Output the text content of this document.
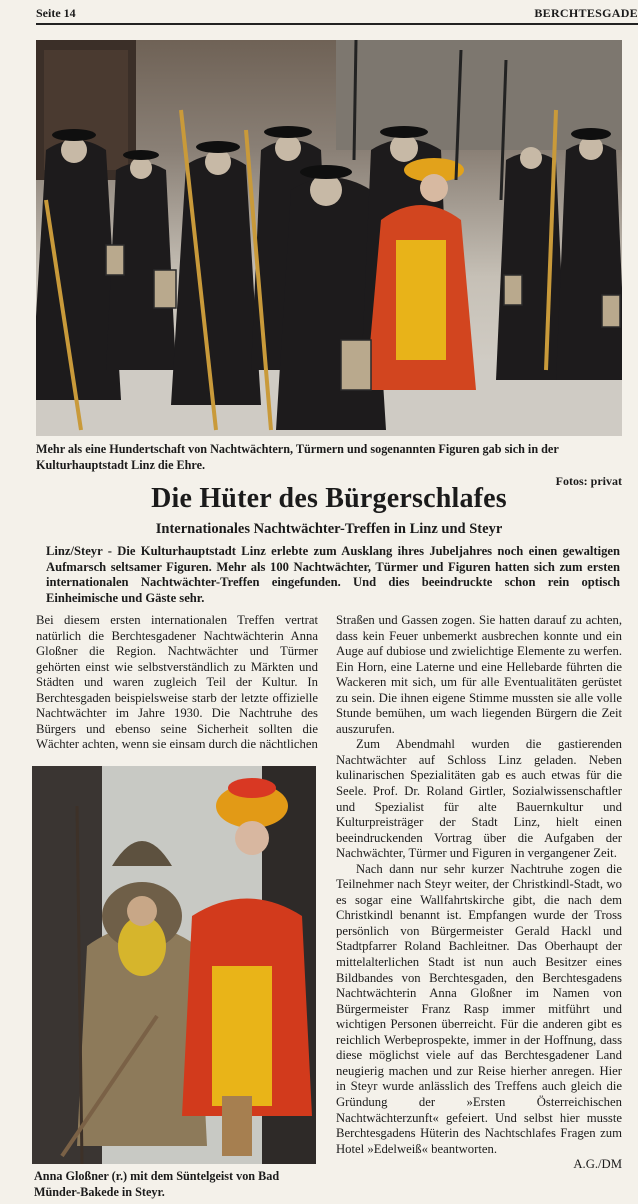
Seite 14	BERCHTESGADE
Mehr als eine Hundertschaft von Nachtwächtern, Türmern und sogenannten Figuren gab sich in der Kulturhauptstadt Linz die Ehre.
Fotos: privat
Die Hüter des Bürgerschlafes
Internationales Nachtwächter-Treffen in Linz und Steyr
Linz/Steyr - Die Kulturhauptstadt Linz erlebte zum Ausklang ihres Jubeljahres noch einen gewaltigen Aufmarsch seltsamer Figuren. Mehr als 100 Nachtwächter, Türmer und Figuren hatten sich zum ersten internationalen Nachtwächter-Treffen eingefunden. Und dies beeindruckte schon rein optisch Einheimische und Gäste sehr.

Bei diesem ersten internationalen Treffen vertrat natürlich die Berchtesgadener Nachtwächterin Anna Gloßner die Region. Nachtwächter und Türmer gehörten einst wie selbstverständlich zu Märkten und Städten und waren zugleich Teil der Kultur. In Berchtesgaden beispielsweise starb der letzte offizielle Nachtwächter im Jahre 1930. Die Nachtruhe des Bürgers und ebenso seine Sicherheit sollten die Wächter achten, wenn sie einsam durch die nächtlichen

Straßen und Gassen zogen. Sie hatten darauf zu achten, dass kein Feuer unbemerkt ausbrechen konnte und ein Auge auf dubiose und zwielichtige Elemente zu werfen. Ein Horn, eine Laterne und eine Hellebarde führten die Wackeren mit sich, um für alle Eventualitäten gerüstet zu sein. Die ihnen eigene Stimme mussten sie alle volle Stunde bemühen, um wach liegenden Bürgern die Zeit auszurufen.

Zum Abendmahl wurden die gastierenden Nachtwächter auf Schloss Linz geladen. Neben kulinarischen Spezialitäten gab es auch etwas für die Seele. Prof. Dr. Roland Girtler, Sozialwissenschaftler und Spezialist für alte Bauernkultur und Kulturpreisträger der Stadt Linz, hielt einen beeindruckenden Vortrag über die Aufgaben der Nachwächter, Türmer und Figuren in vergangener Zeit.

Nach dann nur sehr kurzer Nachtruhe zogen die Teilnehmer nach Steyr weiter, der Christkindl-Stadt, wo es sogar eine Wallfahrtskirche gibt, die nach dem Christkindl benannt ist. Empfangen wurde der Tross persönlich von Bürgermeister Gerald Hackl und Stadtpfarrer Roland Bachleitner. Das Oberhaupt der mittelalterlichen Stadt ist nun auch Besitzer eines Bildbandes von Berchtesgaden, den Berchtesgadens Nachtwächterin Anna Gloßner im Namen von Bürgermeister Franz Rasp immer mitführt und wichtigen Personen überreicht. Für die anderen gibt es reichlich Werbeprospekte, immer in der Hoffnung, dass diese möglichst viele auf das Berchtesgadener Land neugierig machen und zur Reise hierher anregen. Hier in Steyr wurde anlässlich des Treffens auch gleich die Gründung der »Ersten Österreichischen Nachtwächterzunft« gefeiert. Und selbst hier musste Berchtesgadens Hüterin des Nachtschlafes Fragen zum Hotel »Edelweiß« beantworten.

A.G./DM
Anna Gloßner (r.) mit dem Süntelgeist von Bad Münder-Bakede in Steyr.
